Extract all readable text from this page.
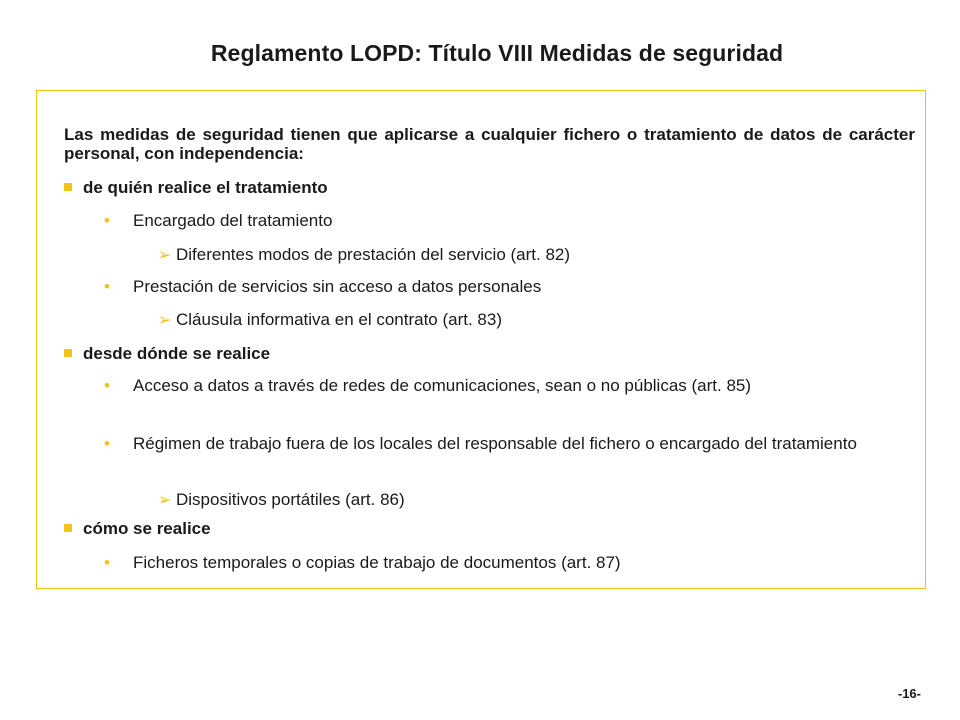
Reglamento LOPD: Título VIII Medidas de seguridad
Las medidas de seguridad tienen que aplicarse a cualquier fichero o tratamiento de datos de carácter personal, con independencia:
de quién realice el tratamiento
• Encargado del tratamiento
➢ Diferentes modos de prestación del servicio (art. 82)
• Prestación de servicios sin acceso a datos personales
➢ Cláusula informativa en el contrato (art. 83)
desde dónde se realice
• Acceso a datos a través de redes de comunicaciones, sean o no públicas (art. 85)
• Régimen de trabajo fuera de los locales del responsable del fichero o encargado del tratamiento
➢ Dispositivos portátiles (art. 86)
cómo se realice
• Ficheros temporales o copias de trabajo de documentos (art. 87)
-16-
